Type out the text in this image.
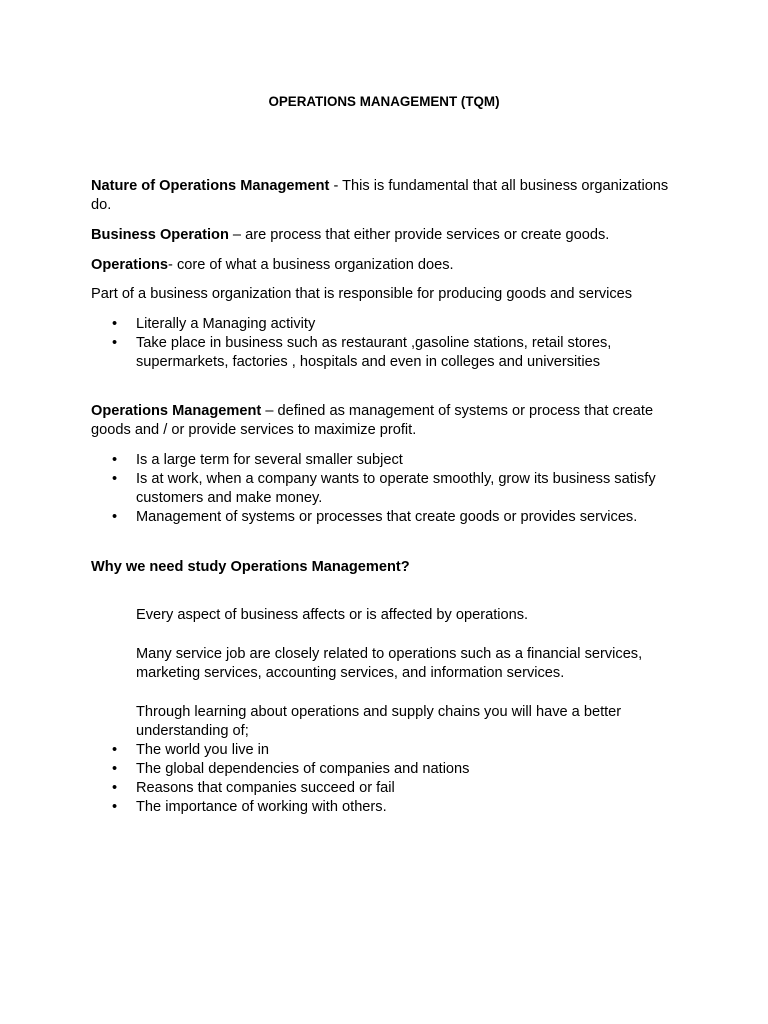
OPERATIONS MANAGEMENT (TQM)

Nature of Operations Management - This is fundamental that all business organizations do.

Business Operation – are process that either provide services or create goods.

Operations- core of what a business organization does.

Part of a business organization that is responsible for producing goods and services

• Literally a Managing activity
• Take place in business such as restaurant ,gasoline stations, retail stores, supermarkets, factories , hospitals and even in colleges and universities

Operations Management – defined as management of systems or process that create goods and / or provide services to maximize profit.

• Is a large term for several smaller subject
• Is at work, when a company wants to operate smoothly, grow its business satisfy customers and make money.
• Management of systems or processes that create goods or provides services.

Why we need study Operations Management?

Every aspect of business affects or is affected by operations.

Many service job are closely related to operations such as a financial services, marketing services, accounting services, and information services.

Through learning about operations and supply chains you will have a better understanding of;

• The world you live in
• The global dependencies of companies and nations
• Reasons that companies succeed or fail
• The importance of working with others.
